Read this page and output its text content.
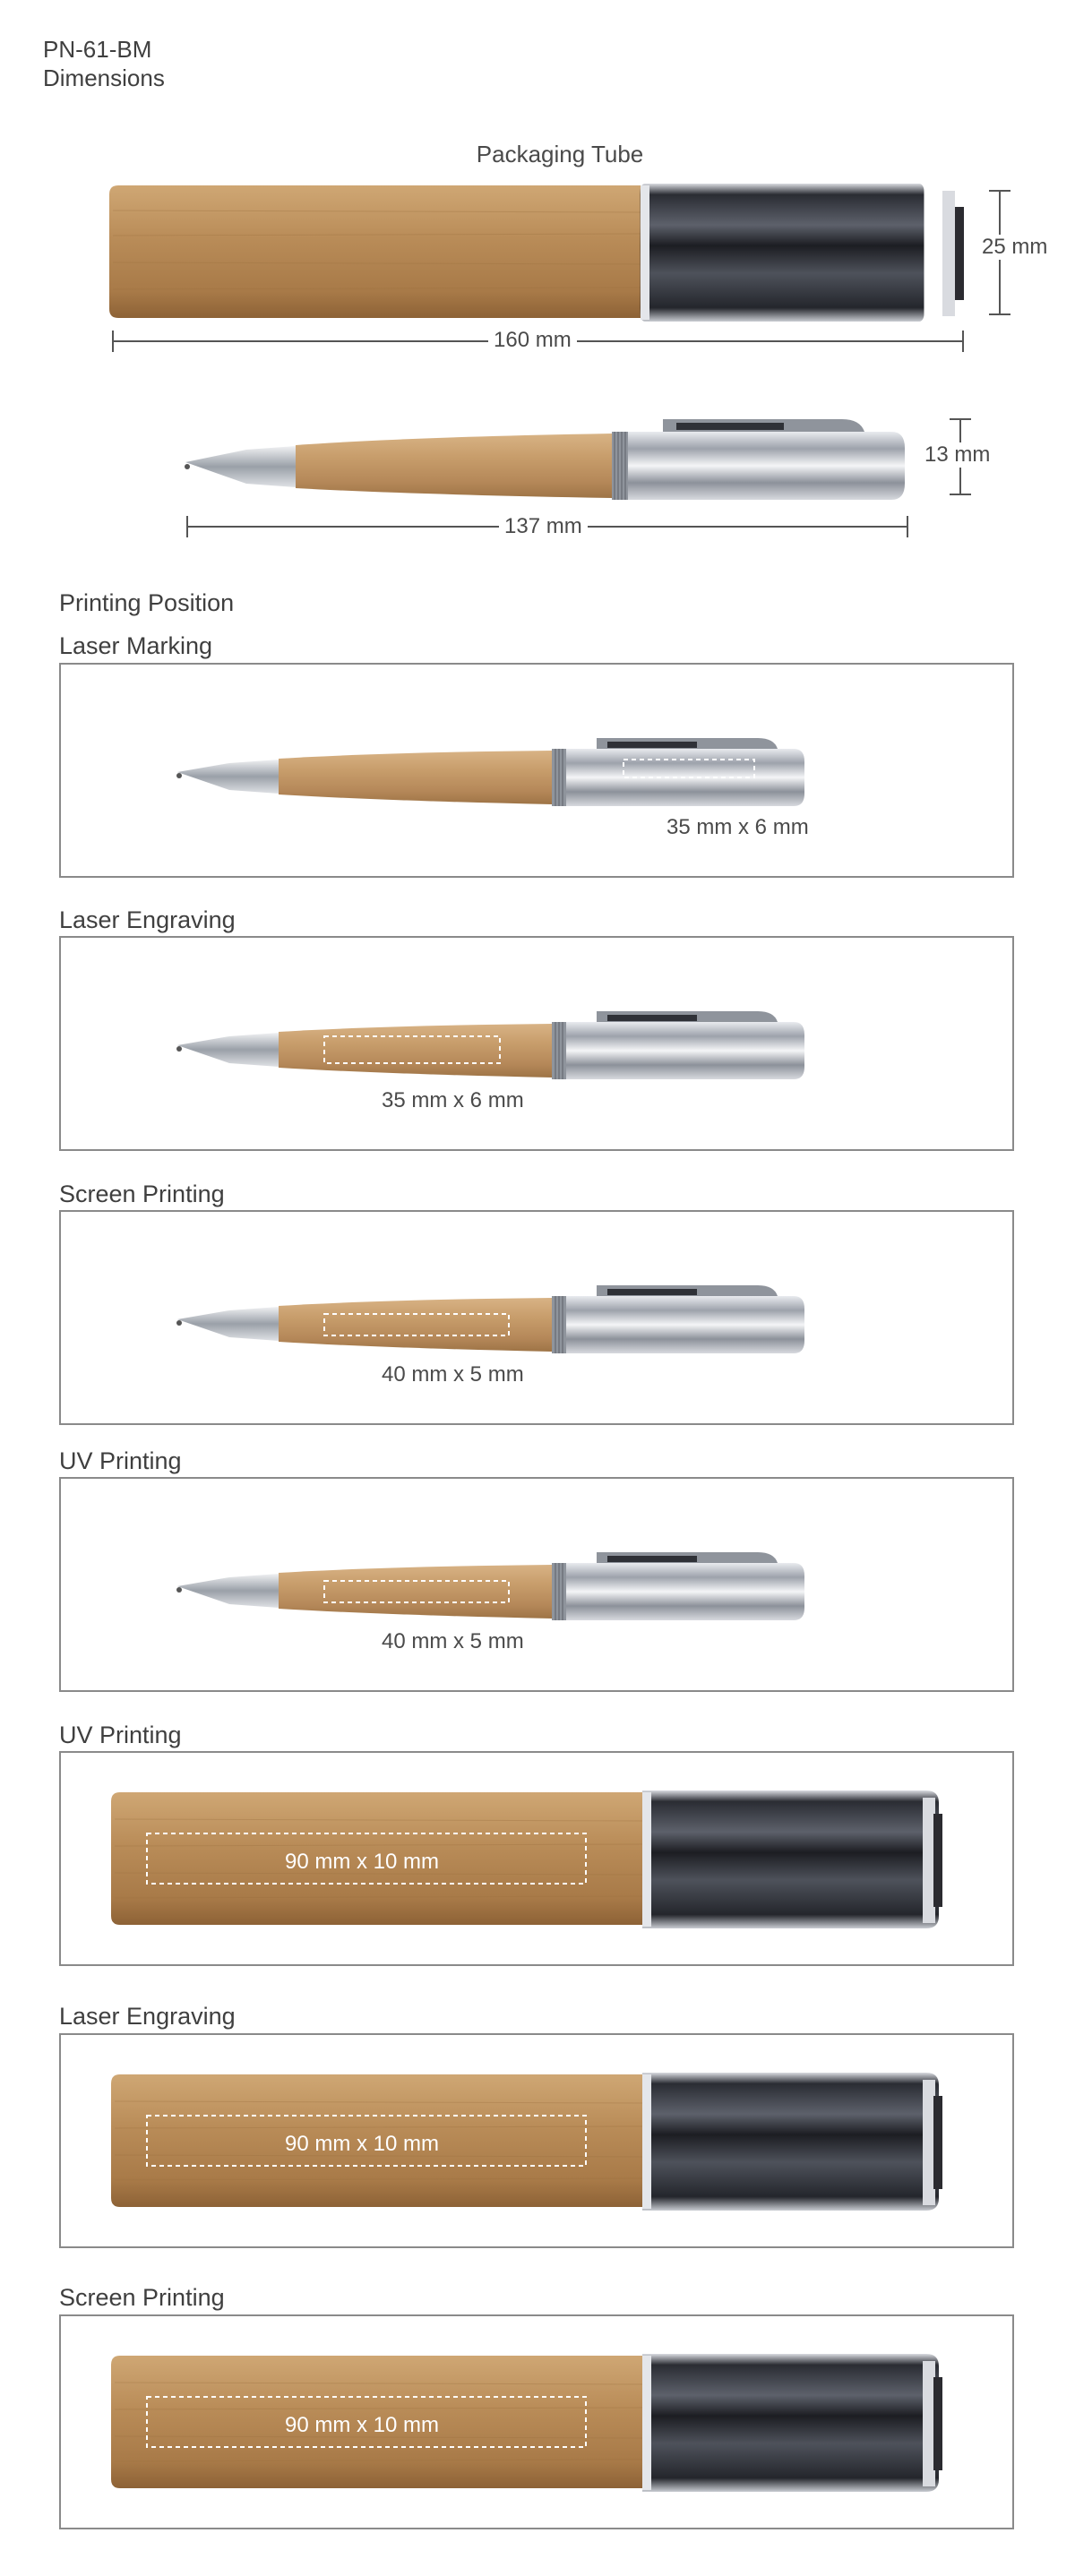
PN-61-BM
Dimensions
Packaging Tube
160 mm
25 mm
137 mm
13 mm
Printing Position
Laser Marking
35 mm x 6 mm
Laser Engraving
35 mm x 6 mm
Screen Printing
40 mm x 5 mm
UV Printing
40 mm x 5 mm
UV Printing
90 mm x 10 mm
Laser Engraving
90 mm x 10 mm
Screen Printing
90 mm x 10 mm
